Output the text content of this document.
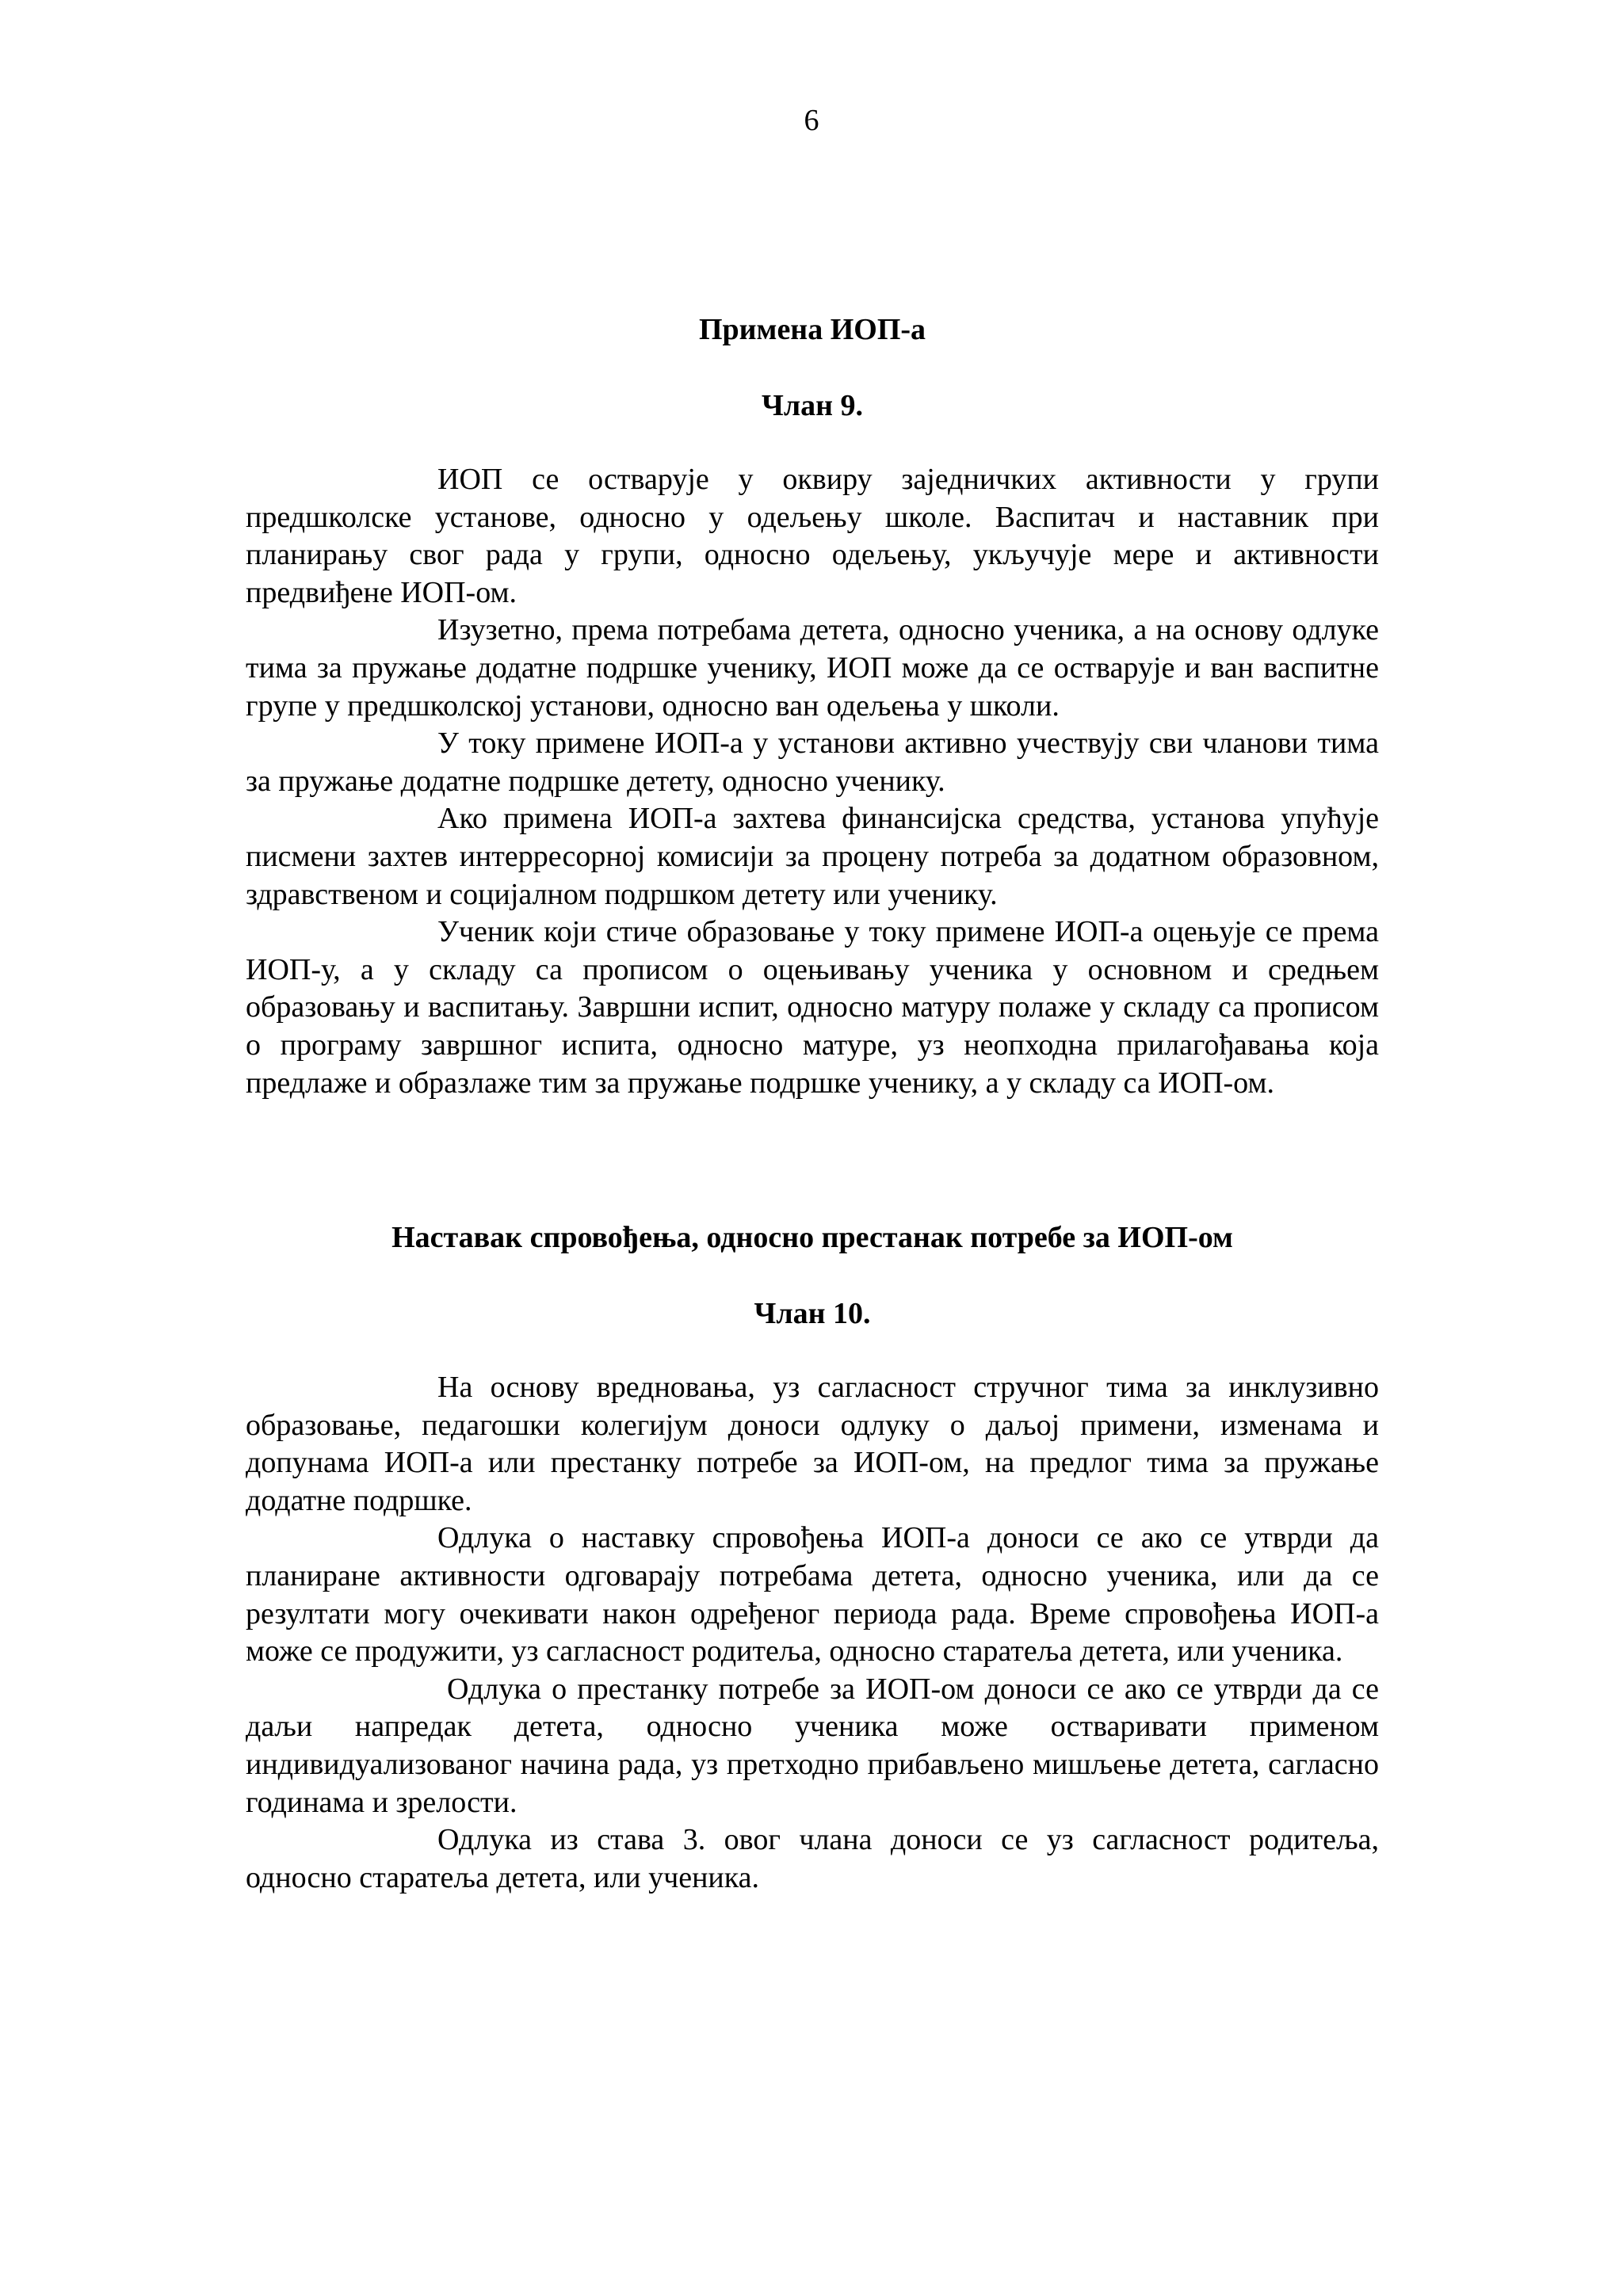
6
Примена ИОП-а
Члан 9.

ИОП се остварује у оквиру заједничких активности у групи предшколске установе, односно у одељењу школе. Васпитач и наставник при планирању свог рада у групи, односно одељењу, укључује мере и активности предвиђене ИОП-ом.

Изузетно, према потребама детета, односно ученика, а на основу одлуке тима за пружање додатне подршке ученику, ИОП може да се остварује и ван васпитне групе у предшколској установи, односно ван одељења у школи.

У току примене ИОП-а у установи активно учествују сви чланови тима за пружање додатне подршке детету, односно ученику.

Ако примена ИОП-а захтева финансијска средства, установа упућује писмени захтев интерресорној комисији за процену потреба за додатном образовном, здравственом и социјалном подршком детету или ученику.

Ученик који стиче образовање у току примене ИОП-а оцењује се према ИОП-у, а у складу са прописом о оцењивању ученика у основном и средњем образовању и васпитању. Завршни испит, односно матуру полаже у складу са прописом о програму завршног испита, односно матуре, уз неопходна прилагођавања која предлаже и образлаже тим за пружање подршке ученику, а у складу са ИОП-ом.

Наставак спровођења, односно престанак потребе за ИОП-ом
Члан 10.

На основу вредновања, уз сагласност стручног тима за инклузивно образовање, педагошки колегијум доноси одлуку о даљој примени, изменама и допунама ИОП-а или престанку потребе за ИОП-ом, на предлог тима за пружање додатне подршке.

Одлука о наставку спровођења ИОП-а доноси се ако се утврди да планиране активности одговарају потребама детета, односно ученика, или да се резултати могу очекивати након одређеног периода рада. Време спровођења ИОП-а може се продужити, уз сагласност родитеља, односно старатеља детета, или ученика.

Одлука о престанку потребе за ИОП-ом доноси се ако се утврди да се даљи напредак детета, односно ученика може остваривати применом индивидуализованог начина рада, уз претходно прибављено мишљење детета, сагласно годинама и зрелости.

Одлука из става 3. овог члана доноси се уз сагласност родитеља, односно старатеља детета, или ученика.
